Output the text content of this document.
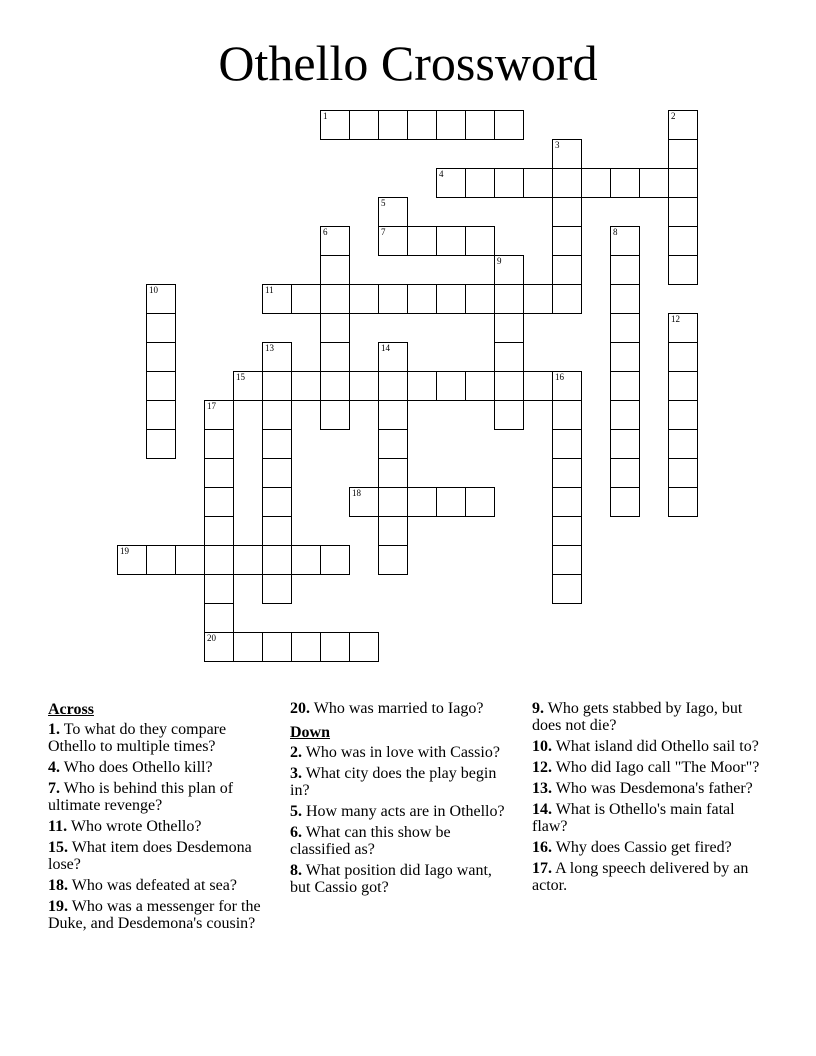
Othello Crossword
1	2
3
4
5
7
6	8
9
10	11
12
13	14
15	16
17
18
19
20
Across
1. To what do they compare Othello to multiple times?
4. Who does Othello kill?
7. Who is behind this plan of ultimate revenge?
11. Who wrote Othello?
15. What item does Desdemona lose?
18. Who was defeated at sea?
19. Who was a messenger for the Duke, and Desdemona's cousin?
20. Who was married to Iago?
Down
2. Who was in love with Cassio?
3. What city does the play begin in?
5. How many acts are in Othello?
6. What can this show be classified as?
8. What position did Iago want, but Cassio got?
9. Who gets stabbed by Iago, but does not die?
10. What island did Othello sail to?
12. Who did Iago call "The Moor"?
13. Who was Desdemona's father?
14. What is Othello's main fatal flaw?
16. Why does Cassio get fired?
17. A long speech delivered by an actor.
